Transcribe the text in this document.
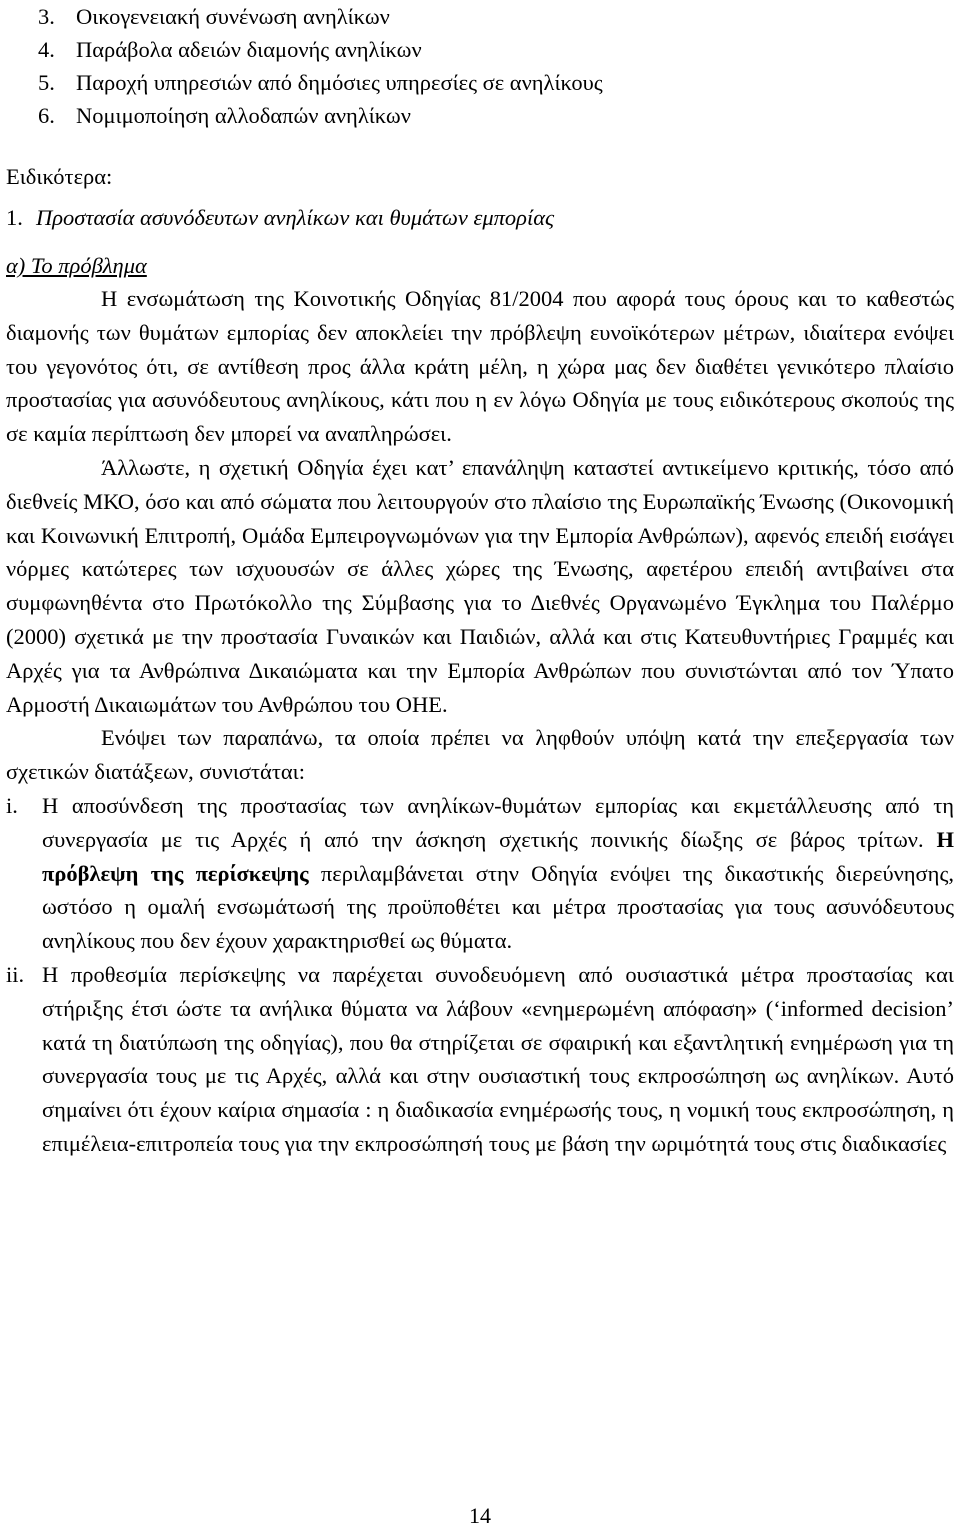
3. Οικογενειακή συνένωση ανηλίκων
4. Παράβολα αδειών διαμονής ανηλίκων
5. Παροχή υπηρεσιών από δημόσιες υπηρεσίες σε ανηλίκους
6. Νομιμοποίηση αλλοδαπών ανηλίκων
Ειδικότερα:
1. Προστασία ασυνόδευτων ανηλίκων και θυμάτων εμπορίας
α) Το πρόβλημα

Η ενσωμάτωση της Κοινοτικής Οδηγίας 81/2004 που αφορά τους όρους και το καθεστώς διαμονής των θυμάτων εμπορίας δεν αποκλείει την πρόβλεψη ευνοϊκότερων μέτρων, ιδιαίτερα ενόψει του γεγονότος ότι, σε αντίθεση προς άλλα κράτη μέλη, η χώρα μας δεν διαθέτει γενικότερο πλαίσιο προστασίας για ασυνόδευτους ανηλίκους, κάτι που η εν λόγω Οδηγία με τους ειδικότερους σκοπούς της σε καμία περίπτωση δεν μπορεί να αναπληρώσει.

Άλλωστε, η σχετική Οδηγία έχει κατ’ επανάληψη καταστεί αντικείμενο κριτικής, τόσο από διεθνείς ΜΚΟ, όσο και από σώματα που λειτουργούν στο πλαίσιο της Ευρωπαϊκής Ένωσης (Οικονομική και Κοινωνική Επιτροπή, Ομάδα Εμπειρογνωμόνων για την Εμπορία Ανθρώπων), αφενός επειδή εισάγει νόρμες κατώτερες των ισχυουσών σε άλλες χώρες της Ένωσης, αφετέρου επειδή αντιβαίνει στα συμφωνηθέντα στο Πρωτόκολλο της Σύμβασης για το Διεθνές Οργανωμένο Έγκλημα του Παλέρμο (2000) σχετικά με την προστασία Γυναικών και Παιδιών, αλλά και στις Κατευθυντήριες Γραμμές και Αρχές για τα Ανθρώπινα Δικαιώματα και την Εμπορία Ανθρώπων που συνιστώνται από τον Ύπατο Αρμοστή Δικαιωμάτων του Ανθρώπου του ΟΗΕ.

Ενόψει των παραπάνω, τα οποία πρέπει να ληφθούν υπόψη κατά την επεξεργασία των σχετικών διατάξεων, συνιστάται:

i. Η αποσύνδεση της προστασίας των ανηλίκων-θυμάτων εμπορίας και εκμετάλλευσης από τη συνεργασία με τις Αρχές ή από την άσκηση σχετικής ποινικής δίωξης σε βάρος τρίτων. Η πρόβλεψη της περίσκεψης περιλαμβάνεται στην Οδηγία ενόψει της δικαστικής διερεύνησης, ωστόσο η ομαλή ενσωμάτωσή της προϋποθέτει και μέτρα προστασίας για τους ασυνόδευτους ανηλίκους που δεν έχουν χαρακτηρισθεί ως θύματα.
ii. Η προθεσμία περίσκεψης να παρέχεται συνοδευόμενη από ουσιαστικά μέτρα προστασίας και στήριξης έτσι ώστε τα ανήλικα θύματα να λάβουν «ενημερωμένη απόφαση» (‘informed decision’ κατά τη διατύπωση της οδηγίας), που θα στηρίζεται σε σφαιρική και εξαντλητική ενημέρωση για τη συνεργασία τους με τις Αρχές, αλλά και στην ουσιαστική τους εκπροσώπηση ως ανηλίκων. Αυτό σημαίνει ότι έχουν καίρια σημασία : η διαδικασία ενημέρωσής τους, η νομική τους εκπροσώπηση, η επιμέλεια-επιτροπεία τους για την εκπροσώπησή τους με βάση την ωριμότητά τους στις διαδικασίες
14
